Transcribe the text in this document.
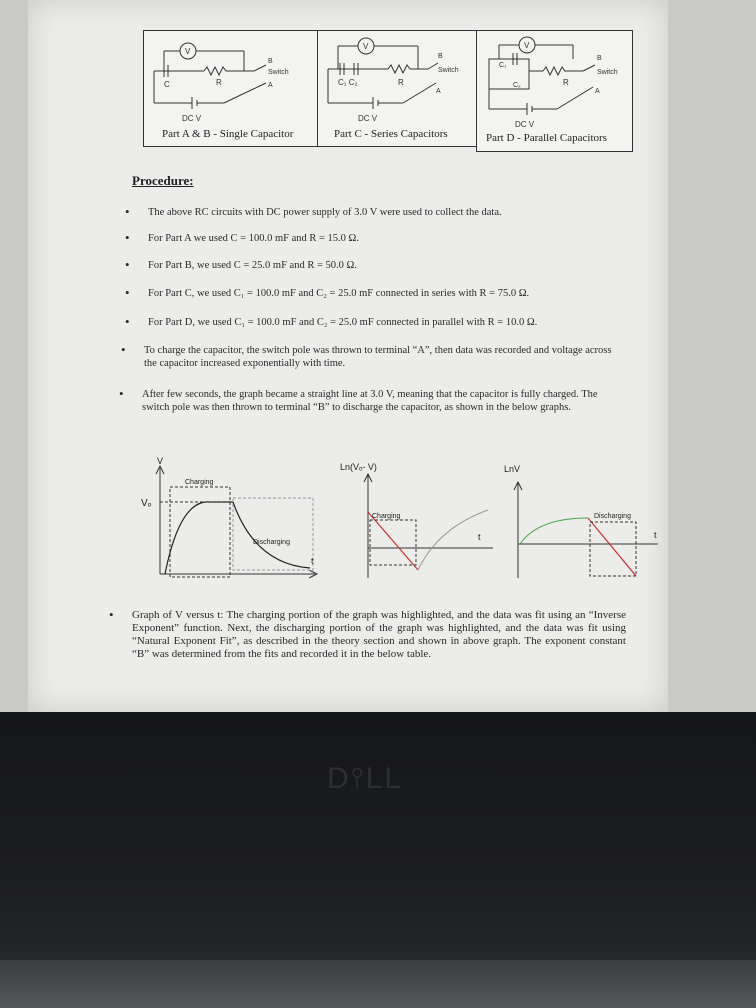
V
Switch
B
A
C	R
DC V
Part A & B - Single Capacitor
V
Switch
B
A
C₁ C₂	R
DC V
Part C - Series Capacitors
V
Switch
B
A
C₁
C₂	R
DC V
Part D - Parallel Capacitors
Procedure:
• The above RC circuits with DC power supply of 3.0 V were used to collect the data.
• For Part A we used C = 100.0 mF and R = 15.0 Ω.
• For Part B, we used C = 25.0 mF and R = 50.0 Ω.
• For Part C, we used C₁ = 100.0 mF and C₂ = 25.0 mF connected in series with R = 75.0 Ω.
• For Part D, we used C₁ = 100.0 mF and C₂ = 25.0 mF connected in parallel with R = 10.0 Ω.
• To charge the capacitor, the switch pole was thrown to terminal “A”, then data was recorded and voltage across the capacitor increased exponentially with time.
• After few seconds, the graph became a straight line at 3.0 V, meaning that the capacitor is fully charged. The switch pole was then thrown to terminal “B” to discharge the capacitor, as shown in the below graphs.
V
Vₒ
Charging
Discharging
t
Ln(Vₒ- V)
Charging
t
LnV
Discharging
t
• Graph of V versus t: The charging portion of the graph was highlighted, and the data was fit using an “Inverse Exponent” function. Next, the discharging portion of the graph was highlighted, and the data was fit using “Natural Exponent Fit”, as described in the theory section and shown in above graph. The exponent constant “B” was determined from the fits and recorded it in the below table.
D⫯LL
